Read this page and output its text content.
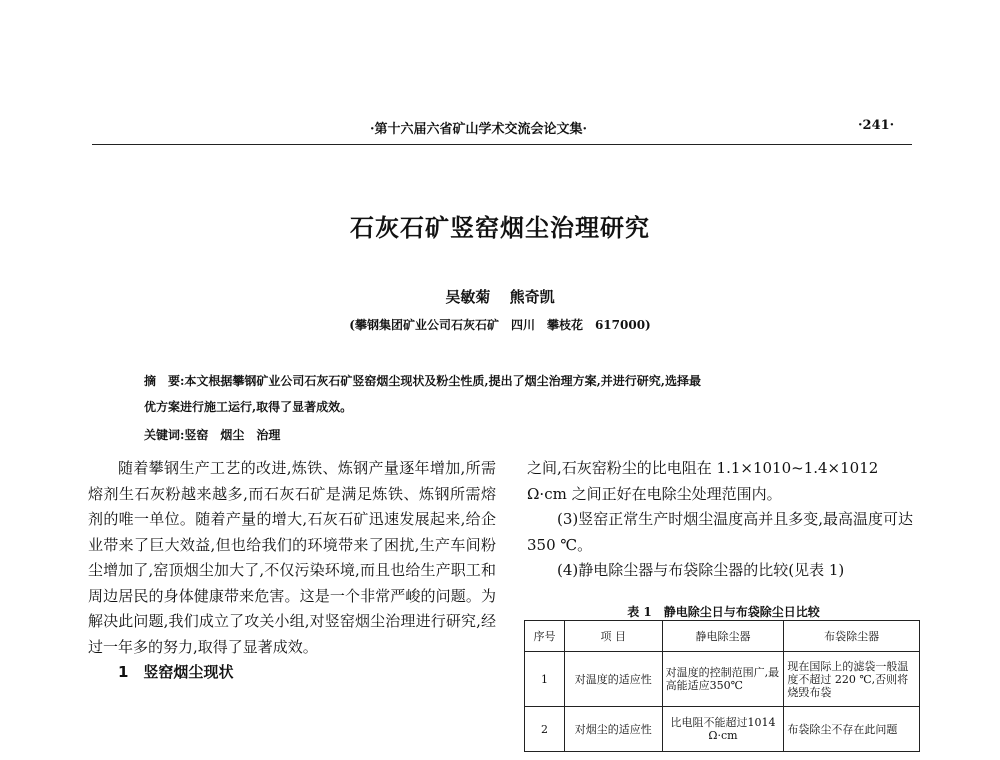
·第十六届六省矿山学术交流会论文集·	·241·
石灰石矿竖窑烟尘治理研究
吴敏菊 熊奇凯
(攀钢集团矿业公司石灰石矿　四川　攀枝花　617000)
摘　要:本文根据攀钢矿业公司石灰石矿竖窑烟尘现状及粉尘性质,提出了烟尘治理方案,并进行研究,选择最
优方案进行施工运行,取得了显著成效。
关键词:竖窑　烟尘　治理

随着攀钢生产工艺的改进,炼铁、炼钢产量逐年增加,所需熔剂生石灰粉越来越多,而石灰石矿是满足炼铁、炼钢所需熔剂的唯一单位。随着产量的增大,石灰石矿迅速发展起来,给企业带来了巨大效益,但也给我们的环境带来了困扰,生产车间粉尘增加了,窑顶烟尘加大了,不仅污染环境,而且也给生产职工和周边居民的身体健康带来危害。这是一个非常严峻的问题。为解决此问题,我们成立了攻关小组,对竖窑烟尘治理进行研究,经过一年多的努力,取得了显著成效。

1　竖窑烟尘现状

之间,石灰窑粉尘的比电阻在 1.1×1010~1.4×1012 Ω·cm 之间正好在电除尘处理范围内。

(3)竖窑正常生产时烟尘温度高并且多变,最高温度可达 350 ℃。

(4)静电除尘器与布袋除尘器的比较(见表 1)

表 1　静电除尘日与布袋除尘日比较
序号	项 目	静电除尘器	布袋除尘器
1	对温度的适应性	对温度的控制范围广,最高能适应350℃	现在国际上的滤袋一般温度不超过 220 ℃,否则将烧毁布袋
2	对烟尘的适应性	比电阻不能超过1014 Ω·cm	布袋除尘不存在此问题
